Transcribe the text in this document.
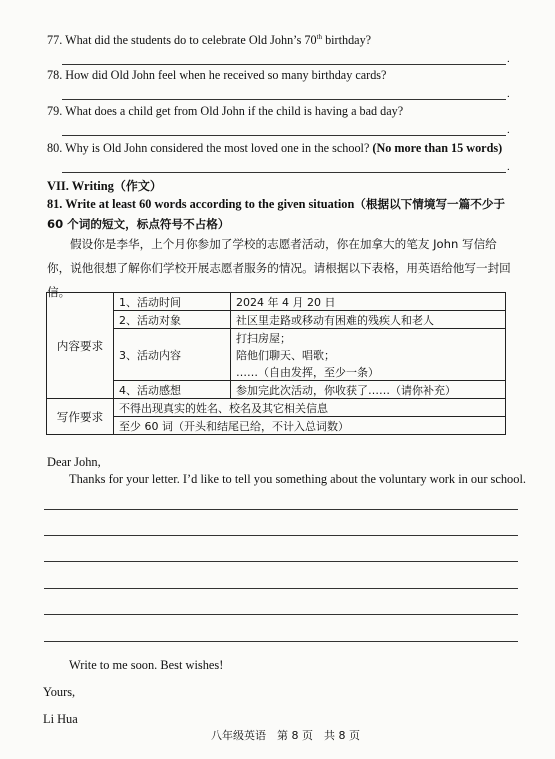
77. What did the students do to celebrate Old John’s 70th birthday?
.
78. How did Old John feel when he received so many birthday cards?
.
79. What does a child get from Old John if the child is having a bad day?
.
80. Why is Old John considered the most loved one in the school? (No more than 15 words)
.
VII. Writing（作文）
81. Write at least 60 words according to the given situation（根据以下情境写一篇不少于 60 个词的短文，标点符号不占格）
假设你是李华，上个月你参加了学校的志愿者活动，你在加拿大的笔友 John 写信给你，说他很想了解你们学校开展志愿者服务的情况。请根据以下表格，用英语给他写一封回信。
内容要求	1、活动时间	2024 年 4 月 20 日
	2、活动对象	社区里走路或移动有困难的残疾人和老人
	3、活动内容	打扫房屋；
		陪他们聊天、唱歌；
		……（自由发挥，至少一条）
	4、活动感想	参加完此次活动，你收获了……（请你补充）
写作要求	不得出现真实的姓名、校名及其它相关信息	
	至少 60 词（开头和结尾已给，不计入总词数）	
Dear John,
Thanks for your letter. I’d like to tell you something about the voluntary work in our school.
Write to me soon. Best wishes!
Yours,
Li Hua
八年级英语　第 8 页　共 8 页
